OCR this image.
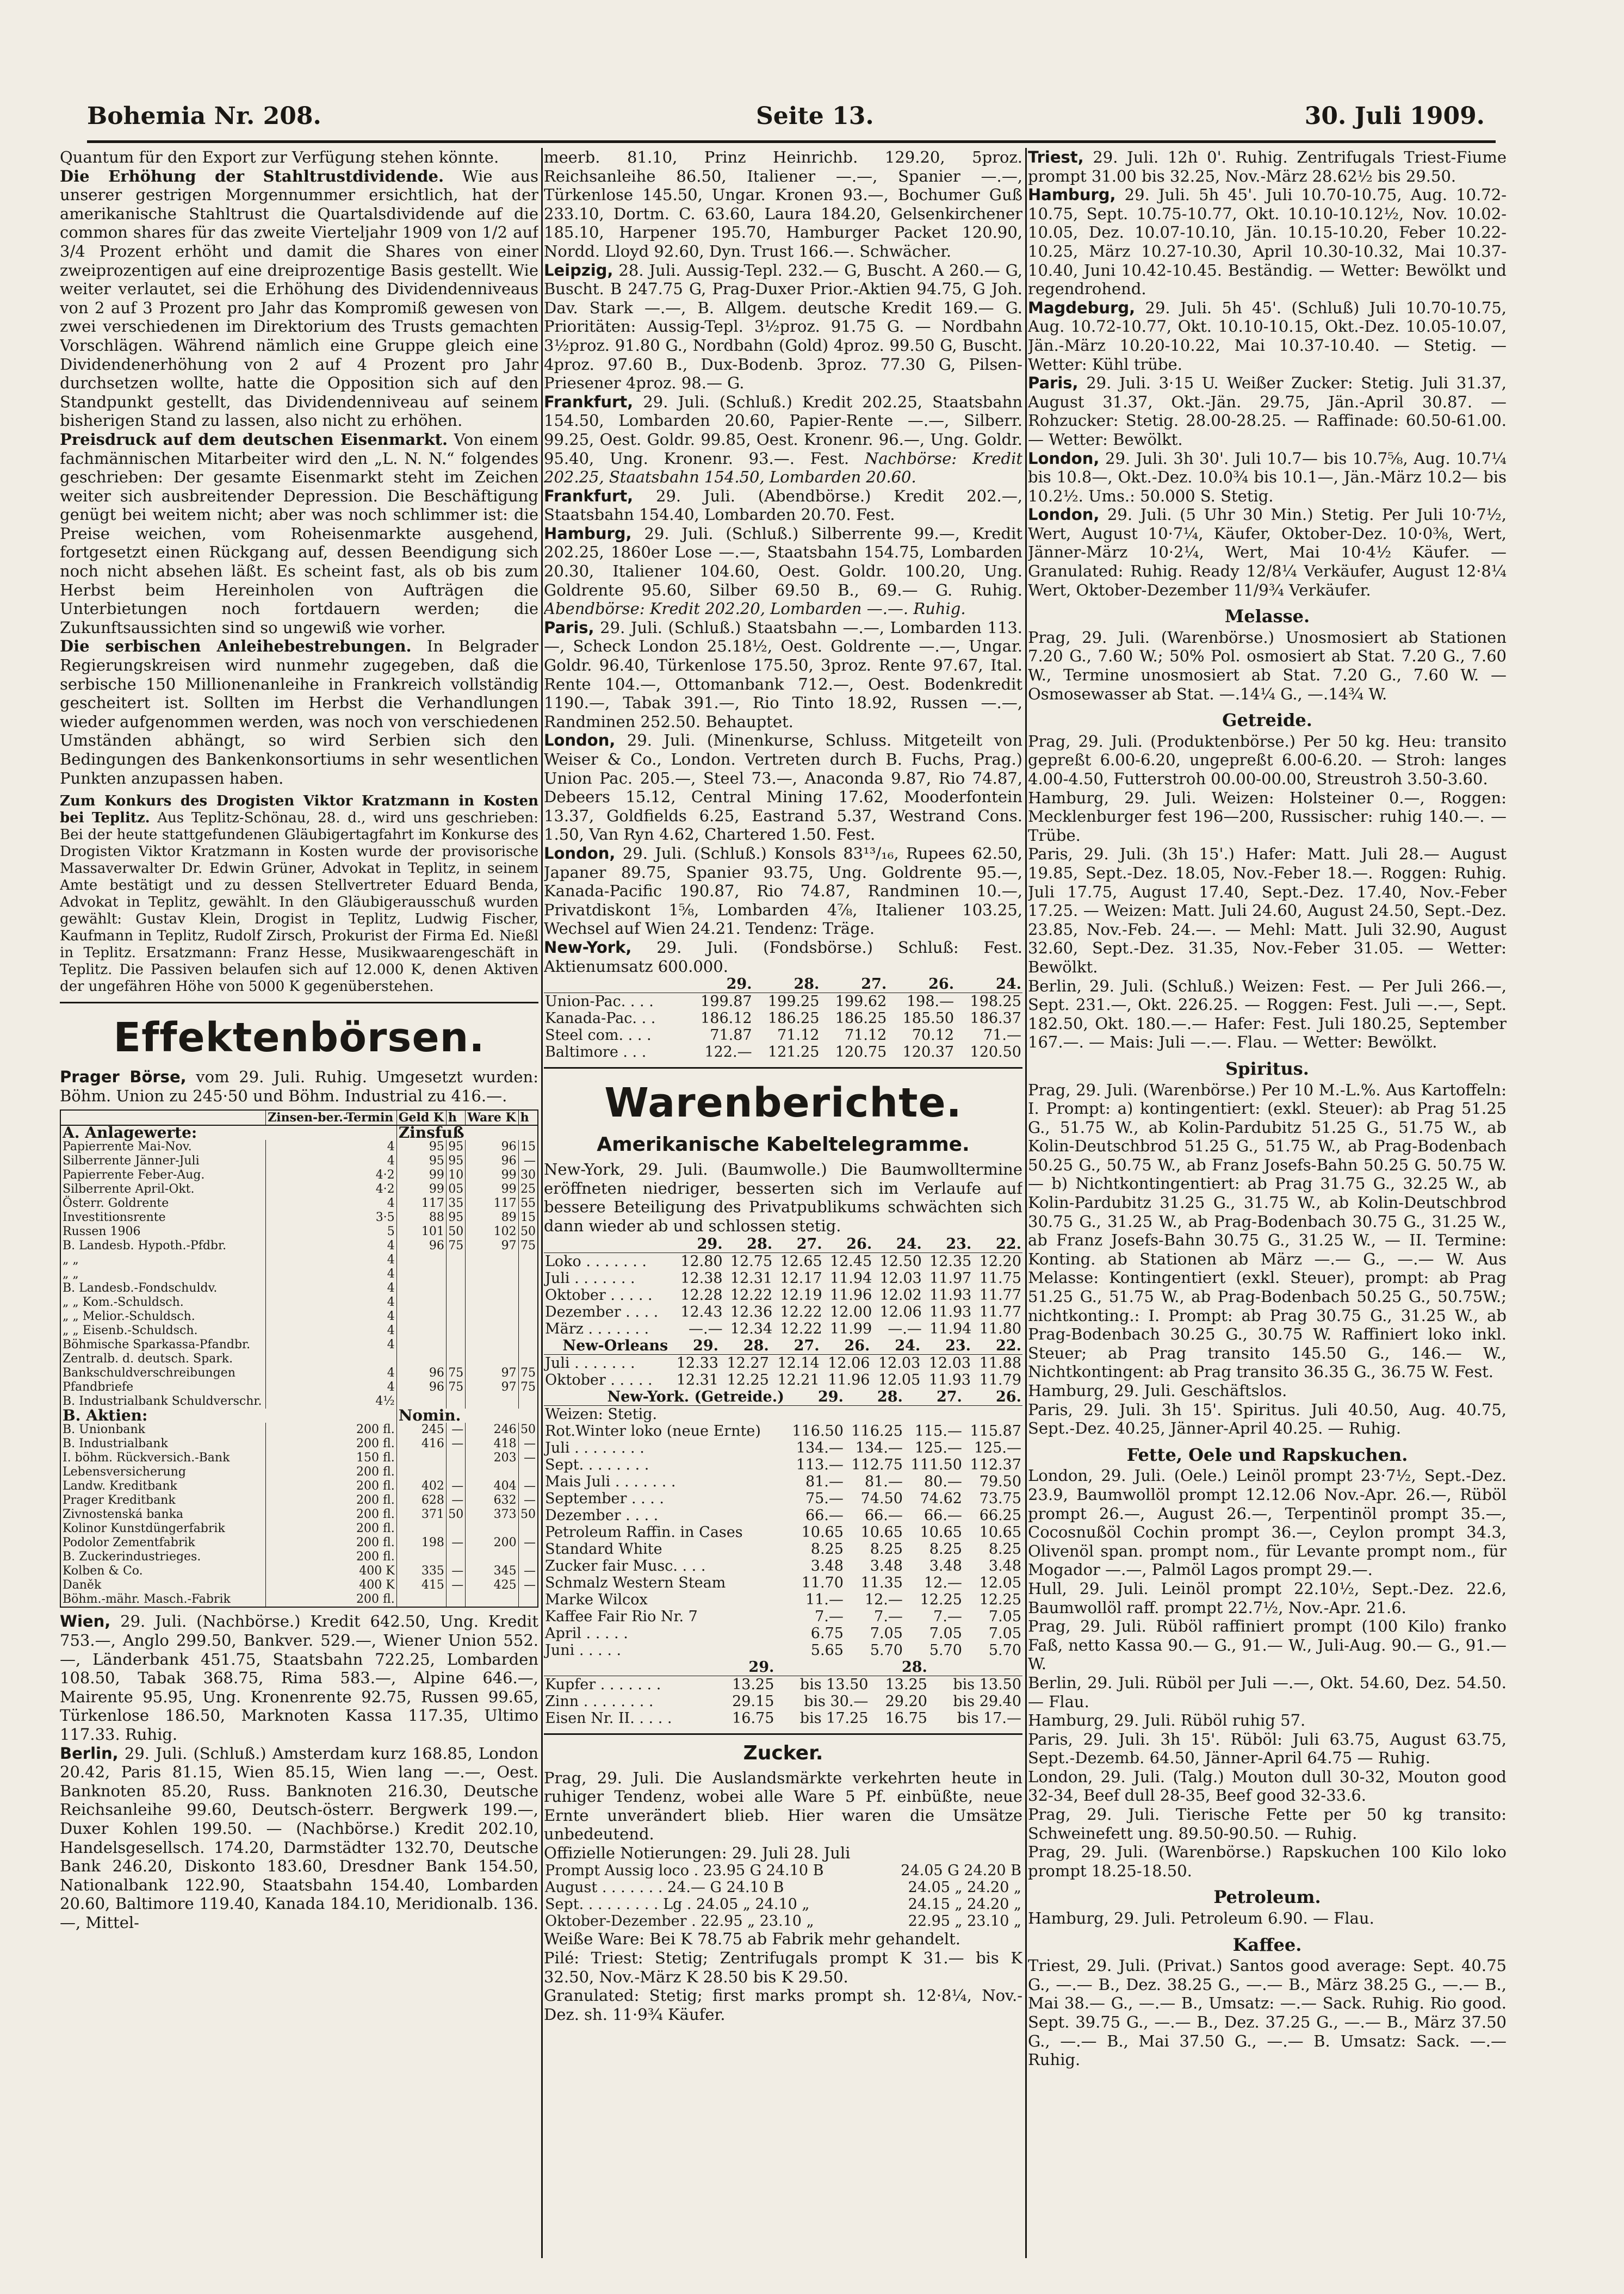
Bohemia Nr. 208.	Seite 13.	30. Juli 1909.

Quantum für den Export zur Verfügung stehen könnte.

Die Erhöhung der Stahltrustdividende. Wie aus unserer gestrigen Morgennummer ersichtlich, hat der amerikanische Stahltrust die Quartalsdividende auf die common shares für das zweite Vierteljahr 1909 von 1/2 auf 3/4 Prozent erhöht und damit die Shares von einer zweiprozentigen auf eine dreiprozentige Basis gestellt. Wie weiter verlautet, sei die Erhöhung des Dividendenniveaus von 2 auf 3 Prozent pro Jahr das Kompromiß gewesen von zwei verschiedenen im Direktorium des Trusts gemachten Vorschlägen. Während nämlich eine Gruppe gleich eine Dividendenerhöhung von 2 auf 4 Prozent pro Jahr durchsetzen wollte, hatte die Opposition sich auf den Standpunkt gestellt, das Dividendenniveau auf seinem bisherigen Stand zu lassen, also nicht zu erhöhen.

Preisdruck auf dem deutschen Eisenmarkt. Von einem fachmännischen Mitarbeiter wird den „L. N. N.“ folgendes geschrieben: Der gesamte Eisenmarkt steht im Zeichen weiter sich ausbreitender Depression. Die Beschäftigung genügt bei weitem nicht; aber was noch schlimmer ist: die Preise weichen, vom Roheisenmarkte ausgehend, fortgesetzt einen Rückgang auf, dessen Beendigung sich noch nicht absehen läßt. Es scheint fast, als ob bis zum Herbst beim Hereinholen von Aufträgen die Unterbietungen noch fortdauern werden; die Zukunftsaussichten sind so ungewiß wie vorher.

Die serbischen Anleihebestrebungen. In Belgrader Regierungskreisen wird nunmehr zugegeben, daß die serbische 150 Millionenanleihe in Frankreich vollständig gescheitert ist. Sollten im Herbst die Verhandlungen wieder aufgenommen werden, was noch von verschiedenen Umständen abhängt, so wird Serbien sich den Bedingungen des Bankenkonsortiums in sehr wesentlichen Punkten anzupassen haben.

Zum Konkurs des Drogisten Viktor Kratzmann in Kosten bei Teplitz. Aus Teplitz-Schönau, 28. d., wird uns geschrieben: Bei der heute stattgefundenen Gläubigertagfahrt im Konkurse des Drogisten Viktor Kratzmann in Kosten wurde der provisorische Massaverwalter Dr. Edwin Grüner, Advokat in Teplitz, in seinem Amte bestätigt und zu dessen Stellvertreter Eduard Benda, Advokat in Teplitz, gewählt. In den Gläubigerausschuß wurden gewählt: Gustav Klein, Drogist in Teplitz, Ludwig Fischer, Kaufmann in Teplitz, Rudolf Zirsch, Prokurist der Firma Ed. Nießl in Teplitz. Ersatzmann: Franz Hesse, Musikwaarengeschäft in Teplitz. Die Passiven belaufen sich auf 12.000 K, denen Aktiven der ungefähren Höhe von 5000 K gegenüberstehen.

Effektenbörsen.

Prager Börse, vom 29. Juli. Ruhig. Umgesetzt wurden: Böhm. Union zu 245·50 und Böhm. Industrial zu 416.—.

	Zinsen-ber.-Termin	Geld K	h	Ware K	h
A. Anlagewerte:		Zinsfuß			
Papierrente Mai-Nov.	4	95	95	96	15
Silberrente Jänner-Juli	4	95	95	96	—
Papierrente Feber-Aug.	4·2	99	10	99	30
Silberrente April-Okt.	4·2	99	05	99	25
Österr. Goldrente	4	117	35	117	55
Investitionsrente	3·5	88	95	89	15
Russen 1906	5	101	50	102	50
B. Landesb. Hypoth.-Pfdbr.	4	96	75	97	75
„ „	4				
„ „	4				
B. Landesb.-Fondschuldv.	4				
„ „ Kom.-Schuldsch.	4				
„ „ Melior.-Schuldsch.	4				
„ „ Eisenb.-Schuldsch.	4				
Böhmische Sparkassa-Pfandbr.	4				
Zentralb. d. deutsch. Spark.					
Bankschuldverschreibungen	4	96	75	97	75
Pfandbriefe	4	96	75	97	75
B. Industrialbank Schuldverschr.	4½				
B. Aktien:		Nomin.			
B. Unionbank	200 fl.	245	—	246	50
B. Industrialbank	200 fl.	416	—	418	—
I. böhm. Rückversich.-Bank	150 fl.			203	—
Lebensversicherung	200 fl.				
Landw. Kreditbank	200 fl.	402	—	404	—
Prager Kreditbank	200 fl.	628	—	632	—
Zivnostenská banka	200 fl.	371	50	373	50
Kolinor Kunstdüngerfabrik	200 fl.				
Podolor Zementfabrik	200 fl.	198	—	200	—
B. Zuckerindustrieges.	200 fl.				
Kolben & Co.	400 K	335	—	345	—
Daněk	400 K	415	—	425	—
Böhm.-mähr. Masch.-Fabrik	200 fl.				

Wien, 29. Juli. (Nachbörse.) Kredit 642.50, Ung. Kredit 753.—, Anglo 299.50, Bankver. 529.—, Wiener Union 552.—, Länderbank 451.75, Staatsbahn 722.25, Lombarden 108.50, Tabak 368.75, Rima 583.—, Alpine 646.—, Mairente 95.95, Ung. Kronenrente 92.75, Russen 99.65, Türkenlose 186.50, Marknoten Kassa 117.35, Ultimo 117.33. Ruhig.

Berlin, 29. Juli. (Schluß.) Amsterdam kurz 168.85, London 20.42, Paris 81.15, Wien 85.15, Wien lang —.—, Oest. Banknoten 85.20, Russ. Banknoten 216.30, Deutsche Reichsanleihe 99.60, Deutsch-österr. Bergwerk 199.—, Duxer Kohlen 199.50. — (Nachbörse.) Kredit 202.10, Handelsgesellsch. 174.20, Darmstädter 132.70, Deutsche Bank 246.20, Diskonto 183.60, Dresdner Bank 154.50, Nationalbank 122.90, Staatsbahn 154.40, Lombarden 20.60, Baltimore 119.40, Kanada 184.10, Meridionalb. 136.—, Mittel-

meerb. 81.10, Prinz Heinrichb. 129.20, 5proz. Reichsanleihe 86.50, Italiener —.—, Spanier —.—, Türkenlose 145.50, Ungar. Kronen 93.—, Bochumer Guß 233.10, Dortm. C. 63.60, Laura 184.20, Gelsenkirchener 185.10, Harpener 195.70, Hamburger Packet 120.90, Nordd. Lloyd 92.60, Dyn. Trust 166.—. Schwächer.

Leipzig, 28. Juli. Aussig-Tepl. 232.— G, Buscht. A 260.— G, Buscht. B 247.75 G, Prag-Duxer Prior.-Aktien 94.75, G Joh. Dav. Stark —.—, B. Allgem. deutsche Kredit 169.— G. Prioritäten: Aussig-Tepl. 3½proz. 91.75 G. — Nordbahn 3½proz. 91.80 G., Nordbahn (Gold) 4proz. 99.50 G, Buscht. 4proz. 97.60 B., Dux-Bodenb. 3proz. 77.30 G, Pilsen-Priesener 4proz. 98.— G.

Frankfurt, 29. Juli. (Schluß.) Kredit 202.25, Staatsbahn 154.50, Lombarden 20.60, Papier-Rente —.—, Silberr. 99.25, Oest. Goldr. 99.85, Oest. Kronenr. 96.—, Ung. Goldr. 95.40, Ung. Kronenr. 93.—. Fest. Nachbörse: Kredit 202.25, Staatsbahn 154.50, Lombarden 20.60.

Frankfurt, 29. Juli. (Abendbörse.) Kredit 202.—, Staatsbahn 154.40, Lombarden 20.70. Fest.

Hamburg, 29. Juli. (Schluß.) Silberrente 99.—, Kredit 202.25, 1860er Lose —.—, Staatsbahn 154.75, Lombarden 20.30, Italiener 104.60, Oest. Goldr. 100.20, Ung. Goldrente 95.60, Silber 69.50 B., 69.— G. Ruhig. Abendbörse: Kredit 202.20, Lombarden —.—. Ruhig.

Paris, 29. Juli. (Schluß.) Staatsbahn —.—, Lombarden 113.—, Scheck London 25.18½, Oest. Goldrente —.—, Ungar. Goldr. 96.40, Türkenlose 175.50, 3proz. Rente 97.67, Ital. Rente 104.—, Ottomanbank 712.—, Oest. Bodenkredit 1190.—, Tabak 391.—, Rio Tinto 18.92, Russen —.—, Randminen 252.50. Behauptet.

London, 29. Juli. (Minenkurse, Schluss. Mitgeteilt von Weiser & Co., London. Vertreten durch B. Fuchs, Prag.) Union Pac. 205.—, Steel 73.—, Anaconda 9.87, Rio 74.87, Debeers 15.12, Central Mining 17.62, Mooderfontein 13.37, Goldfields 6.25, Eastrand 5.37, Westrand Cons. 1.50, Van Ryn 4.62, Chartered 1.50. Fest.

London, 29. Juli. (Schluß.) Konsols 83¹³/₁₆, Rupees 62.50, Japaner 89.75, Spanier 93.75, Ung. Goldrente 95.—, Kanada-Pacific 190.87, Rio 74.87, Randminen 10.—, Privatdiskont 1⅝, Lombarden 4⅞, Italiener 103.25, Wechsel auf Wien 24.21. Tendenz: Träge.

New-York, 29. Juli. (Fondsbörse.) Schluß: Fest. Aktienumsatz 600.000.

	29.	28.	27.	26.	24.
Union-Pac. . . .	199.87	199.25	199.62	198.—	198.25
Kanada-Pac. . .	186.12	186.25	186.25	185.50	186.37
Steel com. . . .	71.87	71.12	71.12	70.12	71.—
Baltimore . . .	122.—	121.25	120.75	120.37	120.50
Warenberichte.
Amerikanische Kabeltelegramme.

New-York, 29. Juli. (Baumwolle.) Die Baumwolltermine eröffneten niedriger, besserten sich im Verlaufe auf bessere Beteiligung des Privatpublikums schwächten sich dann wieder ab und schlossen stetig.

	29.	28.	27.	26.	24.	23.	22.
Loko . . . . . . .	12.80	12.75	12.65	12.45	12.50	12.35	12.20
Juli . . . . . . .	12.38	12.31	12.17	11.94	12.03	11.97	11.75
Oktober . . . . .	12.28	12.22	12.19	11.96	12.02	11.93	11.77
Dezember . . . .	12.43	12.36	12.22	12.00	12.06	11.93	11.77
März . . . . . . .	—.—	12.34	12.22	11.99	—.—	11.94	11.80
New-Orleans	29.	28.	27.	26.	24.	23.	22.
Juli . . . . . . .	12.33	12.27	12.14	12.06	12.03	12.03	11.88
Oktober . . . . .	12.31	12.25	12.21	11.96	12.05	11.93	11.79
New-York. (Getreide.)	29.	28.	27.	26.
Weizen: Stetig.				
Rot.Winter loko (neue Ernte)	116.50	116.25	115.—	115.87
Juli . . . . . . . .	134.—	134.—	125.—	125.—
Sept. . . . . . . .	113.—	112.75	111.50	112.37
Mais Juli . . . . . . .	81.—	81.—	80.—	79.50
September . . . .	75.—	74.50	74.62	73.75
Dezember . . . .	66.—	66.—	66.—	66.25
Petroleum Raffin. in Cases	10.65	10.65	10.65	10.65
Standard White	8.25	8.25	8.25	8.25
Zucker fair Musc. . . .	3.48	3.48	3.48	3.48
Schmalz Western Steam	11.70	11.35	12.—	12.05
Marke Wilcox	11.—	12.—	12.25	12.25
Kaffee Fair Rio Nr. 7	7.—	7.—	7.—	7.05
April . . . . .	6.75	7.05	7.05	7.05
Juni . . . . .	5.65	5.70	5.70	5.70
	29.		28.	
Kupfer . . . . . . .	13.25	bis 13.50	13.25	bis 13.50
Zinn . . . . . . . .	29.15	bis 30.—	29.20	bis 29.40
Eisen Nr. II. . . . .	16.75	bis 17.25	16.75	bis 17.—
Zucker.

Prag, 29. Juli. Die Auslandsmärkte verkehrten heute in ruhiger Tendenz, wobei alle Ware 5 Pf. einbüßte, neue Ernte unverändert blieb. Hier waren die Umsätze unbedeutend.

Offizielle Notierungen: 29. Juli 28. Juli

Prompt Aussig loco . 23.95 G 24.10 B	24.05 G 24.20 B
August . . . . . . . 24.— G 24.10 B	24.05 „ 24.20 „
Sept. . . . . . . . . Lg . 24.05 „ 24.10 „	24.15 „ 24.20 „
Oktober-Dezember . 22.95 „ 23.10 „	22.95 „ 23.10 „

Weiße Ware: Bei K 78.75 ab Fabrik mehr gehandelt.

Pilé: Triest: Stetig; Zentrifugals prompt K 31.— bis K 32.50, Nov.-März K 28.50 bis K 29.50.

Granulated: Stetig; first marks prompt sh. 12·8¼, Nov.-Dez. sh. 11·9¾ Käufer.

Triest, 29. Juli. 12h 0'. Ruhig. Zentrifugals Triest-Fiume prompt 31.00 bis 32.25, Nov.-März 28.62½ bis 29.50.

Hamburg, 29. Juli. 5h 45'. Juli 10.70-10.75, Aug. 10.72-10.75, Sept. 10.75-10.77, Okt. 10.10-10.12½, Nov. 10.02-10.05, Dez. 10.07-10.10, Jän. 10.15-10.20, Feber 10.22-10.25, März 10.27-10.30, April 10.30-10.32, Mai 10.37-10.40, Juni 10.42-10.45. Beständig. — Wetter: Bewölkt und regendrohend.

Magdeburg, 29. Juli. 5h 45'. (Schluß) Juli 10.70-10.75, Aug. 10.72-10.77, Okt. 10.10-10.15, Okt.-Dez. 10.05-10.07, Jän.-März 10.20-10.22, Mai 10.37-10.40. — Stetig. — Wetter: Kühl trübe.

Paris, 29. Juli. 3·15 U. Weißer Zucker: Stetig. Juli 31.37, August 31.37, Okt.-Jän. 29.75, Jän.-April 30.87. — Rohzucker: Stetig. 28.00-28.25. — Raffinade: 60.50-61.00. — Wetter: Bewölkt.

London, 29. Juli. 3h 30'. Juli 10.7— bis 10.7⅝, Aug. 10.7¼ bis 10.8—, Okt.-Dez. 10.0¾ bis 10.1—, Jän.-März 10.2— bis 10.2½. Ums.: 50.000 S. Stetig.

London, 29. Juli. (5 Uhr 30 Min.) Stetig. Per Juli 10·7½, Wert, August 10·7¼, Käufer, Oktober-Dez. 10·0⅜, Wert, Jänner-März 10·2¼, Wert, Mai 10·4½ Käufer. — Granulated: Ruhig. Ready 12/8¼ Verkäufer, August 12·8¼ Wert, Oktober-Dezember 11/9¾ Verkäufer.

Melasse.

Prag, 29. Juli. (Warenbörse.) Unosmosiert ab Stationen 7.20 G., 7.60 W.; 50% Pol. osmosiert ab Stat. 7.20 G., 7.60 W., Termine unosmosiert ab Stat. 7.20 G., 7.60 W. — Osmosewasser ab Stat. —.14¼ G., —.14¾ W.

Getreide.

Prag, 29. Juli. (Produktenbörse.) Per 50 kg. Heu: transito gepreßt 6.00-6.20, ungepreßt 6.00-6.20. — Stroh: langes 4.00-4.50, Futterstroh 00.00-00.00, Streustroh 3.50-3.60.

Hamburg, 29. Juli. Weizen: Holsteiner 0.—, Roggen: Mecklenburger fest 196—200, Russischer: ruhig 140.—. — Trübe.

Paris, 29. Juli. (3h 15'.) Hafer: Matt. Juli 28.— August 19.85, Sept.-Dez. 18.05, Nov.-Feber 18.—. Roggen: Ruhig. Juli 17.75, August 17.40, Sept.-Dez. 17.40, Nov.-Feber 17.25. — Weizen: Matt. Juli 24.60, August 24.50, Sept.-Dez. 23.85, Nov.-Feb. 24.—. — Mehl: Matt. Juli 32.90, August 32.60, Sept.-Dez. 31.35, Nov.-Feber 31.05. — Wetter: Bewölkt.

Berlin, 29. Juli. (Schluß.) Weizen: Fest. — Per Juli 266.—, Sept. 231.—, Okt. 226.25. — Roggen: Fest. Juli —.—, Sept. 182.50, Okt. 180.—.— Hafer: Fest. Juli 180.25, September 167.—. — Mais: Juli —.—. Flau. — Wetter: Bewölkt.

Spiritus.

Prag, 29. Juli. (Warenbörse.) Per 10 M.-L.%. Aus Kartoffeln: I. Prompt: a) kontingentiert: (exkl. Steuer): ab Prag 51.25 G., 51.75 W., ab Kolin-Pardubitz 51.25 G., 51.75 W., ab Kolin-Deutschbrod 51.25 G., 51.75 W., ab Prag-Bodenbach 50.25 G., 50.75 W., ab Franz Josefs-Bahn 50.25 G. 50.75 W. — b) Nichtkontingentiert: ab Prag 31.75 G., 32.25 W., ab Kolin-Pardubitz 31.25 G., 31.75 W., ab Kolin-Deutschbrod 30.75 G., 31.25 W., ab Prag-Bodenbach 30.75 G., 31.25 W., ab Franz Josefs-Bahn 30.75 G., 31.25 W., — II. Termine: Konting. ab Stationen ab März —.— G., —.— W. Aus Melasse: Kontingentiert (exkl. Steuer), prompt: ab Prag 51.25 G., 51.75 W., ab Prag-Bodenbach 50.25 G., 50.75W.; nichtkonting.: I. Prompt: ab Prag 30.75 G., 31.25 W., ab Prag-Bodenbach 30.25 G., 30.75 W. Raffiniert loko inkl. Steuer; ab Prag transito 145.50 G., 146.— W., Nichtkontingent: ab Prag transito 36.35 G., 36.75 W. Fest.

Hamburg, 29. Juli. Geschäftslos.

Paris, 29. Juli. 3h 15'. Spiritus. Juli 40.50, Aug. 40.75, Sept.-Dez. 40.25, Jänner-April 40.25. — Ruhig.

Fette, Oele und Rapskuchen.

London, 29. Juli. (Oele.) Leinöl prompt 23·7½, Sept.-Dez. 23.9, Baumwollöl prompt 12.12.06 Nov.-Apr. 26.—, Rüböl prompt 26.—, August 26.—, Terpentinöl prompt 35.—, Cocosnußöl Cochin prompt 36.—, Ceylon prompt 34.3, Olivenöl span. prompt nom., für Levante prompt nom., für Mogador —.—, Palmöl Lagos prompt 29.—.

Hull, 29. Juli. Leinöl prompt 22.10½, Sept.-Dez. 22.6, Baumwollöl raff. prompt 22.7½, Nov.-Apr. 21.6.

Prag, 29. Juli. Rüböl raffiniert prompt (100 Kilo) franko Faß, netto Kassa 90.— G., 91.— W., Juli-Aug. 90.— G., 91.— W.

Berlin, 29. Juli. Rüböl per Juli —.—, Okt. 54.60, Dez. 54.50. — Flau.

Hamburg, 29. Juli. Rüböl ruhig 57.

Paris, 29. Juli. 3h 15'. Rüböl: Juli 63.75, August 63.75, Sept.-Dezemb. 64.50, Jänner-April 64.75 — Ruhig.

London, 29. Juli. (Talg.) Mouton dull 30-32, Mouton good 32-34, Beef dull 28-35, Beef good 32-33.6.

Prag, 29. Juli. Tierische Fette per 50 kg transito: Schweinefett ung. 89.50-90.50. — Ruhig.

Prag, 29. Juli. (Warenbörse.) Rapskuchen 100 Kilo loko prompt 18.25-18.50.

Petroleum.

Hamburg, 29. Juli. Petroleum 6.90. — Flau.

Kaffee.

Triest, 29. Juli. (Privat.) Santos good average: Sept. 40.75 G., —.— B., Dez. 38.25 G., —.— B., März 38.25 G., —.— B., Mai 38.— G., —.— B., Umsatz: —.— Sack. Ruhig. Rio good. Sept. 39.75 G., —.— B., Dez. 37.25 G., —.— B., März 37.50 G., —.— B., Mai 37.50 G., —.— B. Umsatz: Sack. —.— Ruhig.
